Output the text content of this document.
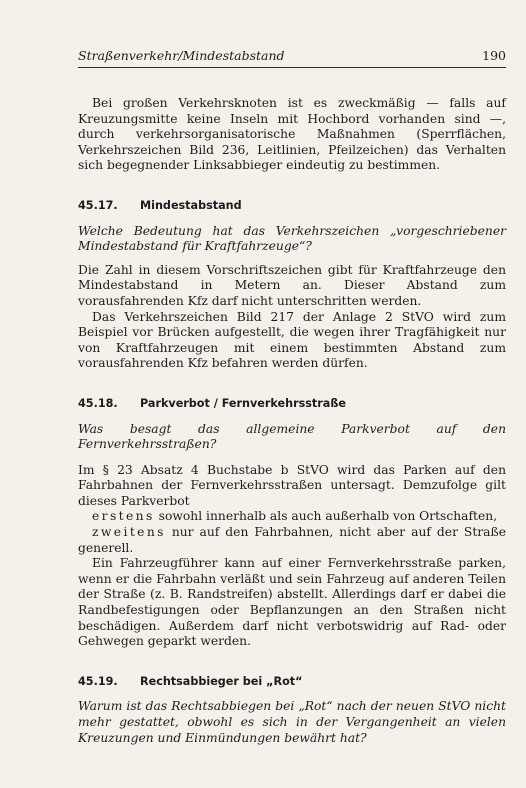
Straßenverkehr/Mindestabstand	190

Bei großen Verkehrsknoten ist es zweckmäßig — falls auf Kreuzungsmitte keine Inseln mit Hochbord vorhanden sind —, durch verkehrsorganisatorische Maßnahmen (Sperrflächen, Verkehrszeichen Bild 236, Leitlinien, Pfeilzeichen) das Verhalten sich begegnender Linksabbieger eindeutig zu bestimmen.

45.17.	Mindestabstand

Welche Bedeutung hat das Verkehrszeichen „vorgeschriebener Mindestabstand für Kraftfahrzeuge“?

Die Zahl in diesem Vorschriftszeichen gibt für Kraftfahrzeuge den Mindestabstand in Metern an. Dieser Abstand zum vorausfahrenden Kfz darf nicht unterschritten werden.

Das Verkehrszeichen Bild 217 der Anlage 2 StVO wird zum Beispiel vor Brücken aufgestellt, die wegen ihrer Tragfähigkeit nur von Kraftfahrzeugen mit einem bestimmten Abstand zum vorausfahrenden Kfz befahren werden dürfen.

45.18.	Parkverbot / Fernverkehrsstraße

Was besagt das allgemeine Parkverbot auf den Fernverkehrsstraßen?

Im § 23 Absatz 4 Buchstabe b StVO wird das Parken auf den Fahrbahnen der Fernverkehrsstraßen untersagt. Demzufolge gilt dieses Parkverbot

erstens sowohl innerhalb als auch außerhalb von Ortschaften,

zweitens nur auf den Fahrbahnen, nicht aber auf der Straße generell.

Ein Fahrzeugführer kann auf einer Fernverkehrsstraße parken, wenn er die Fahrbahn verläßt und sein Fahrzeug auf anderen Teilen der Straße (z. B. Randstreifen) abstellt. Allerdings darf er dabei die Randbefestigungen oder Bepflanzungen an den Straßen nicht beschädigen. Außerdem darf nicht verbotswidrig auf Rad- oder Gehwegen geparkt werden.

45.19.	Rechtsabbieger bei „Rot“

Warum ist das Rechtsabbiegen bei „Rot“ nach der neuen StVO nicht mehr gestattet, obwohl es sich in der Vergangenheit an vielen Kreuzungen und Einmündungen bewährt hat?
